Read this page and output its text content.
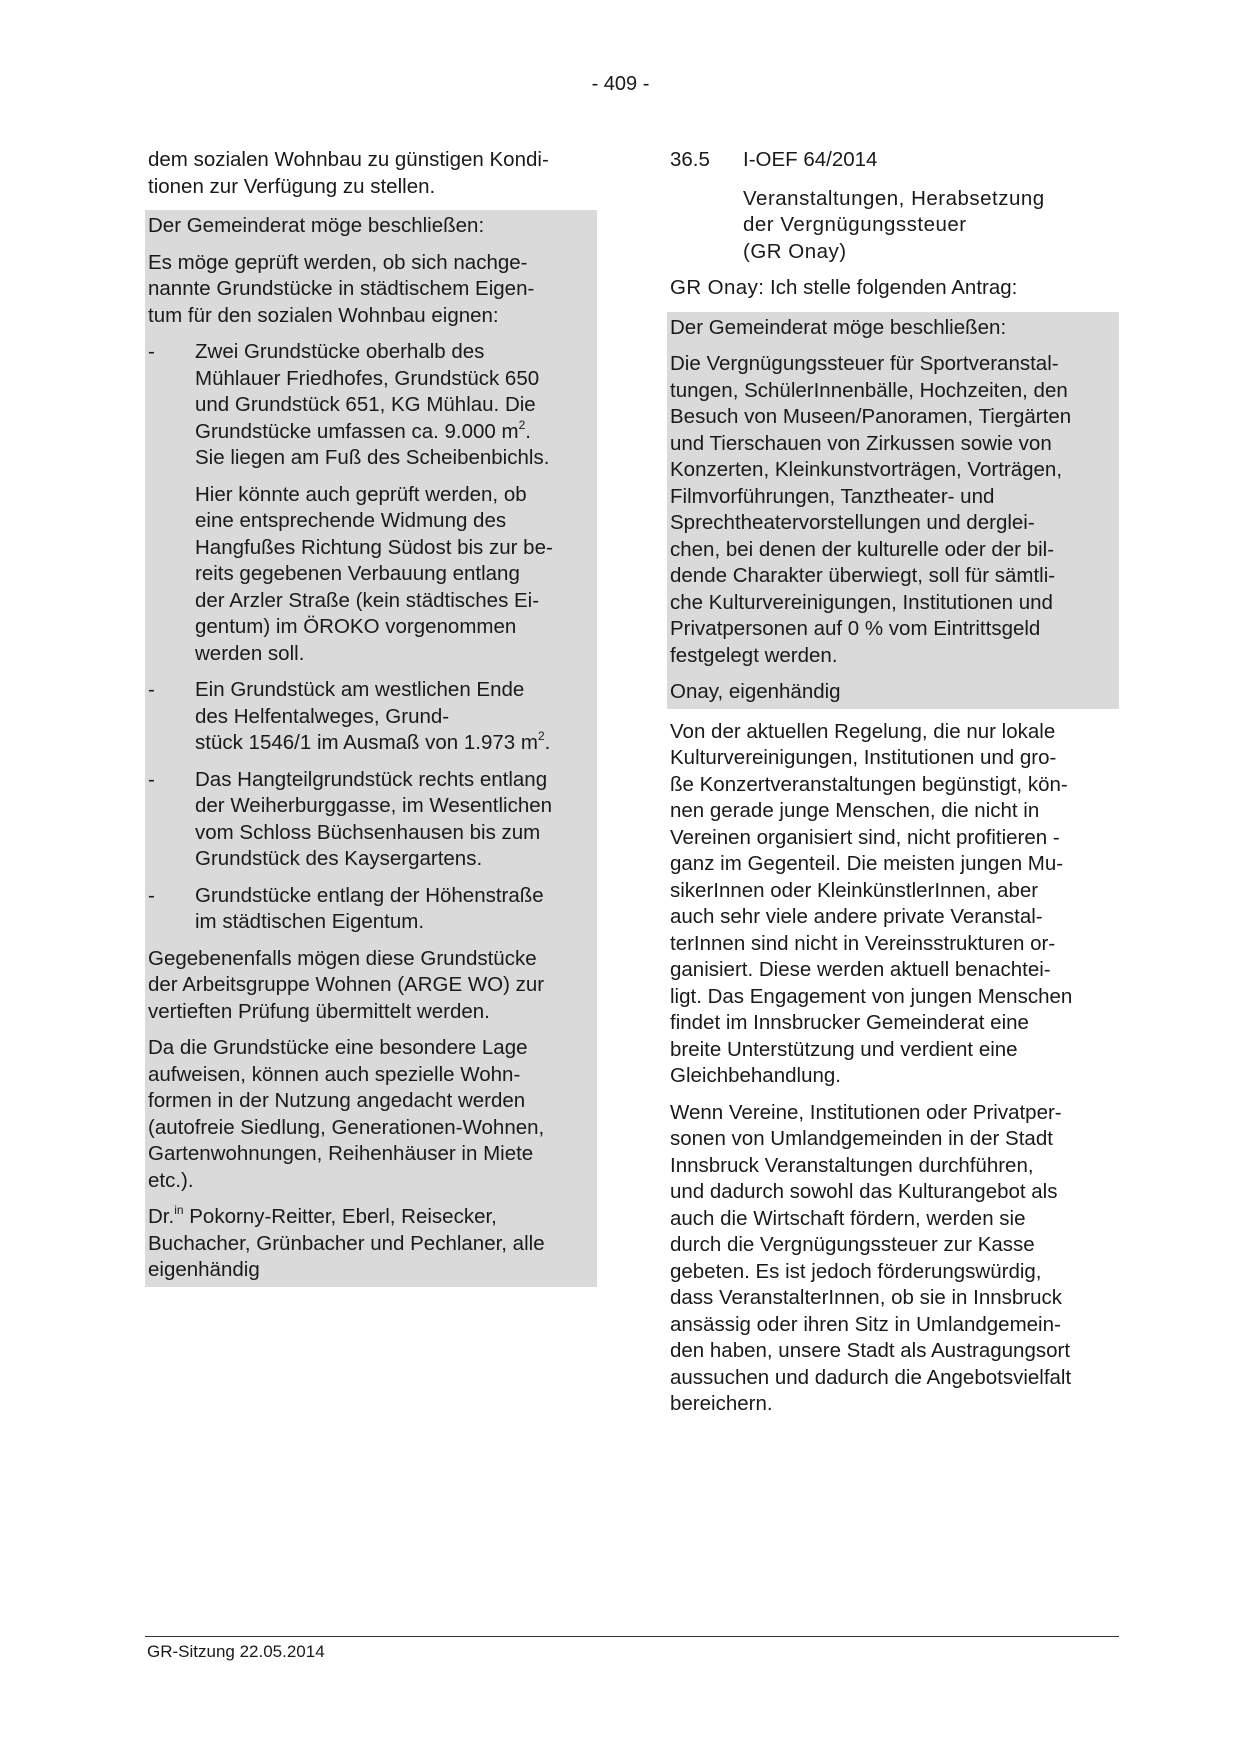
- 409 -
dem sozialen Wohnbau zu günstigen Kondi-
tionen zur Verfügung zu stellen.
Der Gemeinderat möge beschließen:
Es möge geprüft werden, ob sich nachge-
nannte Grundstücke in städtischem Eigen-
tum für den sozialen Wohnbau eignen:
-	Zwei Grundstücke oberhalb des
Mühlauer Friedhofes, Grundstück 650
und Grundstück 651, KG Mühlau. Die
Grundstücke umfassen ca. 9.000 $m^2$.
Sie liegen am Fuß des Scheibenbichls.
Hier könnte auch geprüft werden, ob
eine entsprechende Widmung des
Hangfußes Richtung Südost bis zur be-
reits gegebenen Verbauung entlang
der Arzler Straße (kein städtisches Ei-
gentum) im ÖROKO vorgenommen
werden soll.
-	Ein Grundstück am westlichen Ende
des Helfentalweges, Grund-
stück 1546/1 im Ausmaß von 1.973 $m^2$.
-	Das Hangteilgrundstück rechts entlang
der Weiherburggasse, im Wesentlichen
vom Schloss Büchsenhausen bis zum
Grundstück des Kaysergartens.
-	Grundstücke entlang der Höhenstraße
im städtischen Eigentum.
Gegebenenfalls mögen diese Grundstücke
der Arbeitsgruppe Wohnen (ARGE WO) zur
vertieften Prüfung übermittelt werden.
Da die Grundstücke eine besondere Lage
aufweisen, können auch spezielle Wohn-
formen in der Nutzung angedacht werden
(autofreie Siedlung, Generationen-Wohnen,
Gartenwohnungen, Reihenhäuser in Miete
etc.).
Dr.$^{in}$ Pokorny-Reitter, Eberl, Reisecker,
Buchacher, Grünbacher und Pechlaner, alle
eigenhändig
36.5	I-OEF 64/2014
Veranstaltungen, Herabsetzung
der Vergnügungssteuer
(GR Onay)
GR Onay: Ich stelle folgenden Antrag:
Der Gemeinderat möge beschließen:
Die Vergnügungssteuer für Sportveranstal-
tungen, SchülerInnenbälle, Hochzeiten, den
Besuch von Museen/Panoramen, Tiergärten
und Tierschauen von Zirkussen sowie von
Konzerten, Kleinkunstvorträgen, Vorträgen,
Filmvorführungen, Tanztheater- und
Sprechtheatervorstellungen und derglei-
chen, bei denen der kulturelle oder der bil-
dende Charakter überwiegt, soll für sämtli-
che Kulturvereinigungen, Institutionen und
Privatpersonen auf 0 % vom Eintrittsgeld
festgelegt werden.
Onay, eigenhändig
Von der aktuellen Regelung, die nur lokale
Kulturvereinigungen, Institutionen und gro-
ße Konzertveranstaltungen begünstigt, kön-
nen gerade junge Menschen, die nicht in
Vereinen organisiert sind, nicht profitieren -
ganz im Gegenteil. Die meisten jungen Mu-
sikerInnen oder KleinkünstlerInnen, aber
auch sehr viele andere private Veranstal-
terInnen sind nicht in Vereinsstrukturen or-
ganisiert. Diese werden aktuell benachtei-
ligt. Das Engagement von jungen Menschen
findet im Innsbrucker Gemeinderat eine
breite Unterstützung und verdient eine
Gleichbehandlung.
Wenn Vereine, Institutionen oder Privatper-
sonen von Umlandgemeinden in der Stadt
Innsbruck Veranstaltungen durchführen,
und dadurch sowohl das Kulturangebot als
auch die Wirtschaft fördern, werden sie
durch die Vergnügungssteuer zur Kasse
gebeten. Es ist jedoch förderungswürdig,
dass VeranstalterInnen, ob sie in Innsbruck
ansässig oder ihren Sitz in Umlandgemein-
den haben, unsere Stadt als Austragungsort
aussuchen und dadurch die Angebotsvielfalt
bereichern.
GR-Sitzung 22.05.2014
